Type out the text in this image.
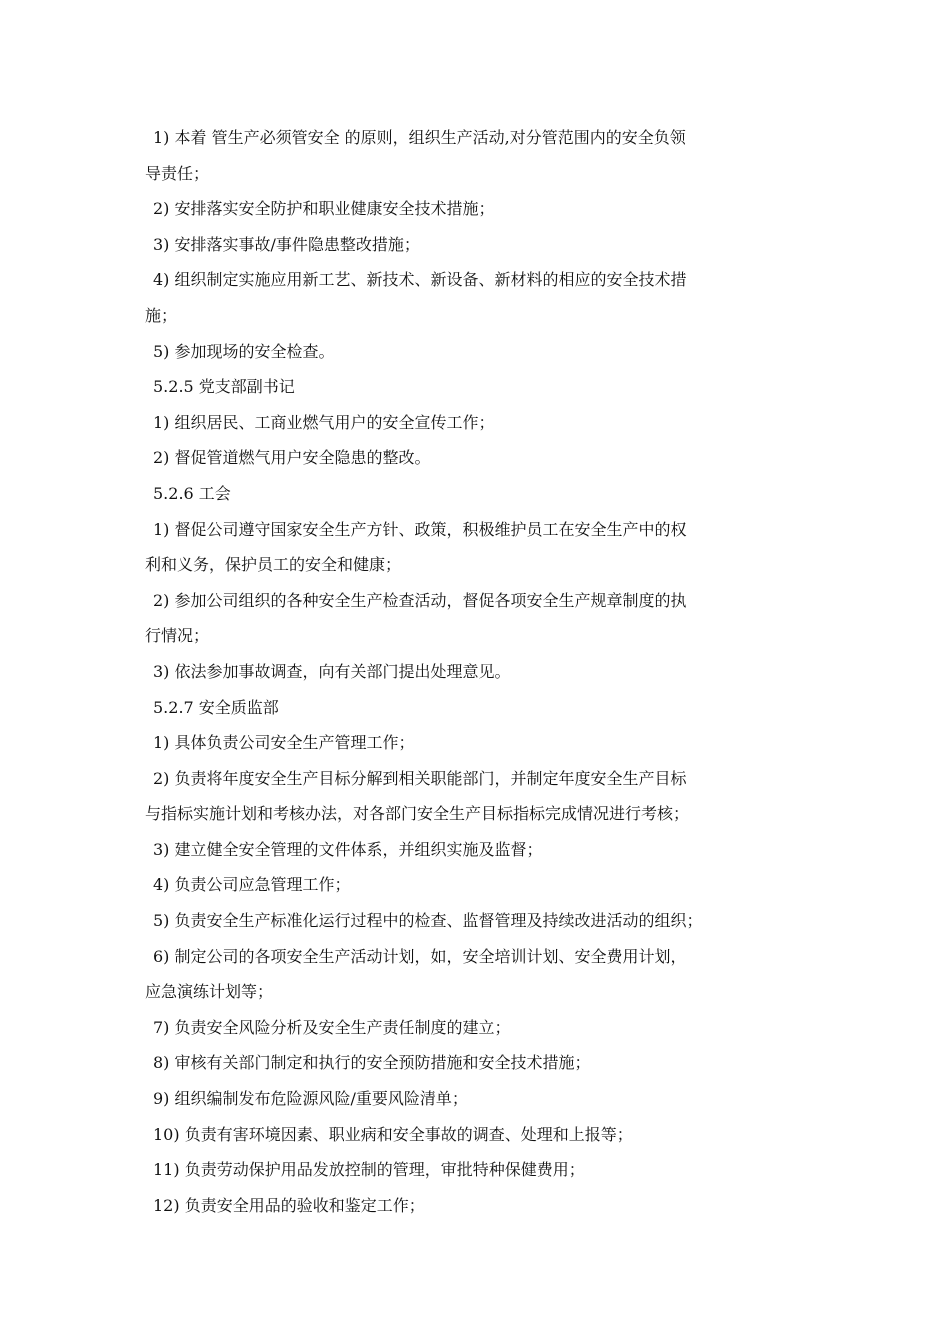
1) 本着 管生产必须管安全 的原则，组织生产活动,对分管范围内的安全负领
导责任；
2) 安排落实安全防护和职业健康安全技术措施；
3) 安排落实事故/事件隐患整改措施；
4) 组织制定实施应用新工艺、新技术、新设备、新材料的相应的安全技术措
施；
5) 参加现场的安全检查。
5.2.5 党支部副书记
1) 组织居民、工商业燃气用户的安全宣传工作；
2) 督促管道燃气用户安全隐患的整改。
5.2.6 工会
1) 督促公司遵守国家安全生产方针、政策，积极维护员工在安全生产中的权
利和义务，保护员工的安全和健康；
2) 参加公司组织的各种安全生产检查活动，督促各项安全生产规章制度的执
行情况；
3) 依法参加事故调查，向有关部门提出处理意见。
5.2.7 安全质监部
1) 具体负责公司安全生产管理工作；
2) 负责将年度安全生产目标分解到相关职能部门，并制定年度安全生产目标
与指标实施计划和考核办法，对各部门安全生产目标指标完成情况进行考核；
3) 建立健全安全管理的文件体系，并组织实施及监督；
4) 负责公司应急管理工作；
5) 负责安全生产标准化运行过程中的检查、监督管理及持续改进活动的组织；
6) 制定公司的各项安全生产活动计划，如，安全培训计划、安全费用计划，
应急演练计划等；
7) 负责安全风险分析及安全生产责任制度的建立；
8) 审核有关部门制定和执行的安全预防措施和安全技术措施；
9) 组织编制发布危险源风险/重要风险清单；
10) 负责有害环境因素、职业病和安全事故的调查、处理和上报等；
11) 负责劳动保护用品发放控制的管理，审批特种保健费用；
12) 负责安全用品的验收和鉴定工作；
